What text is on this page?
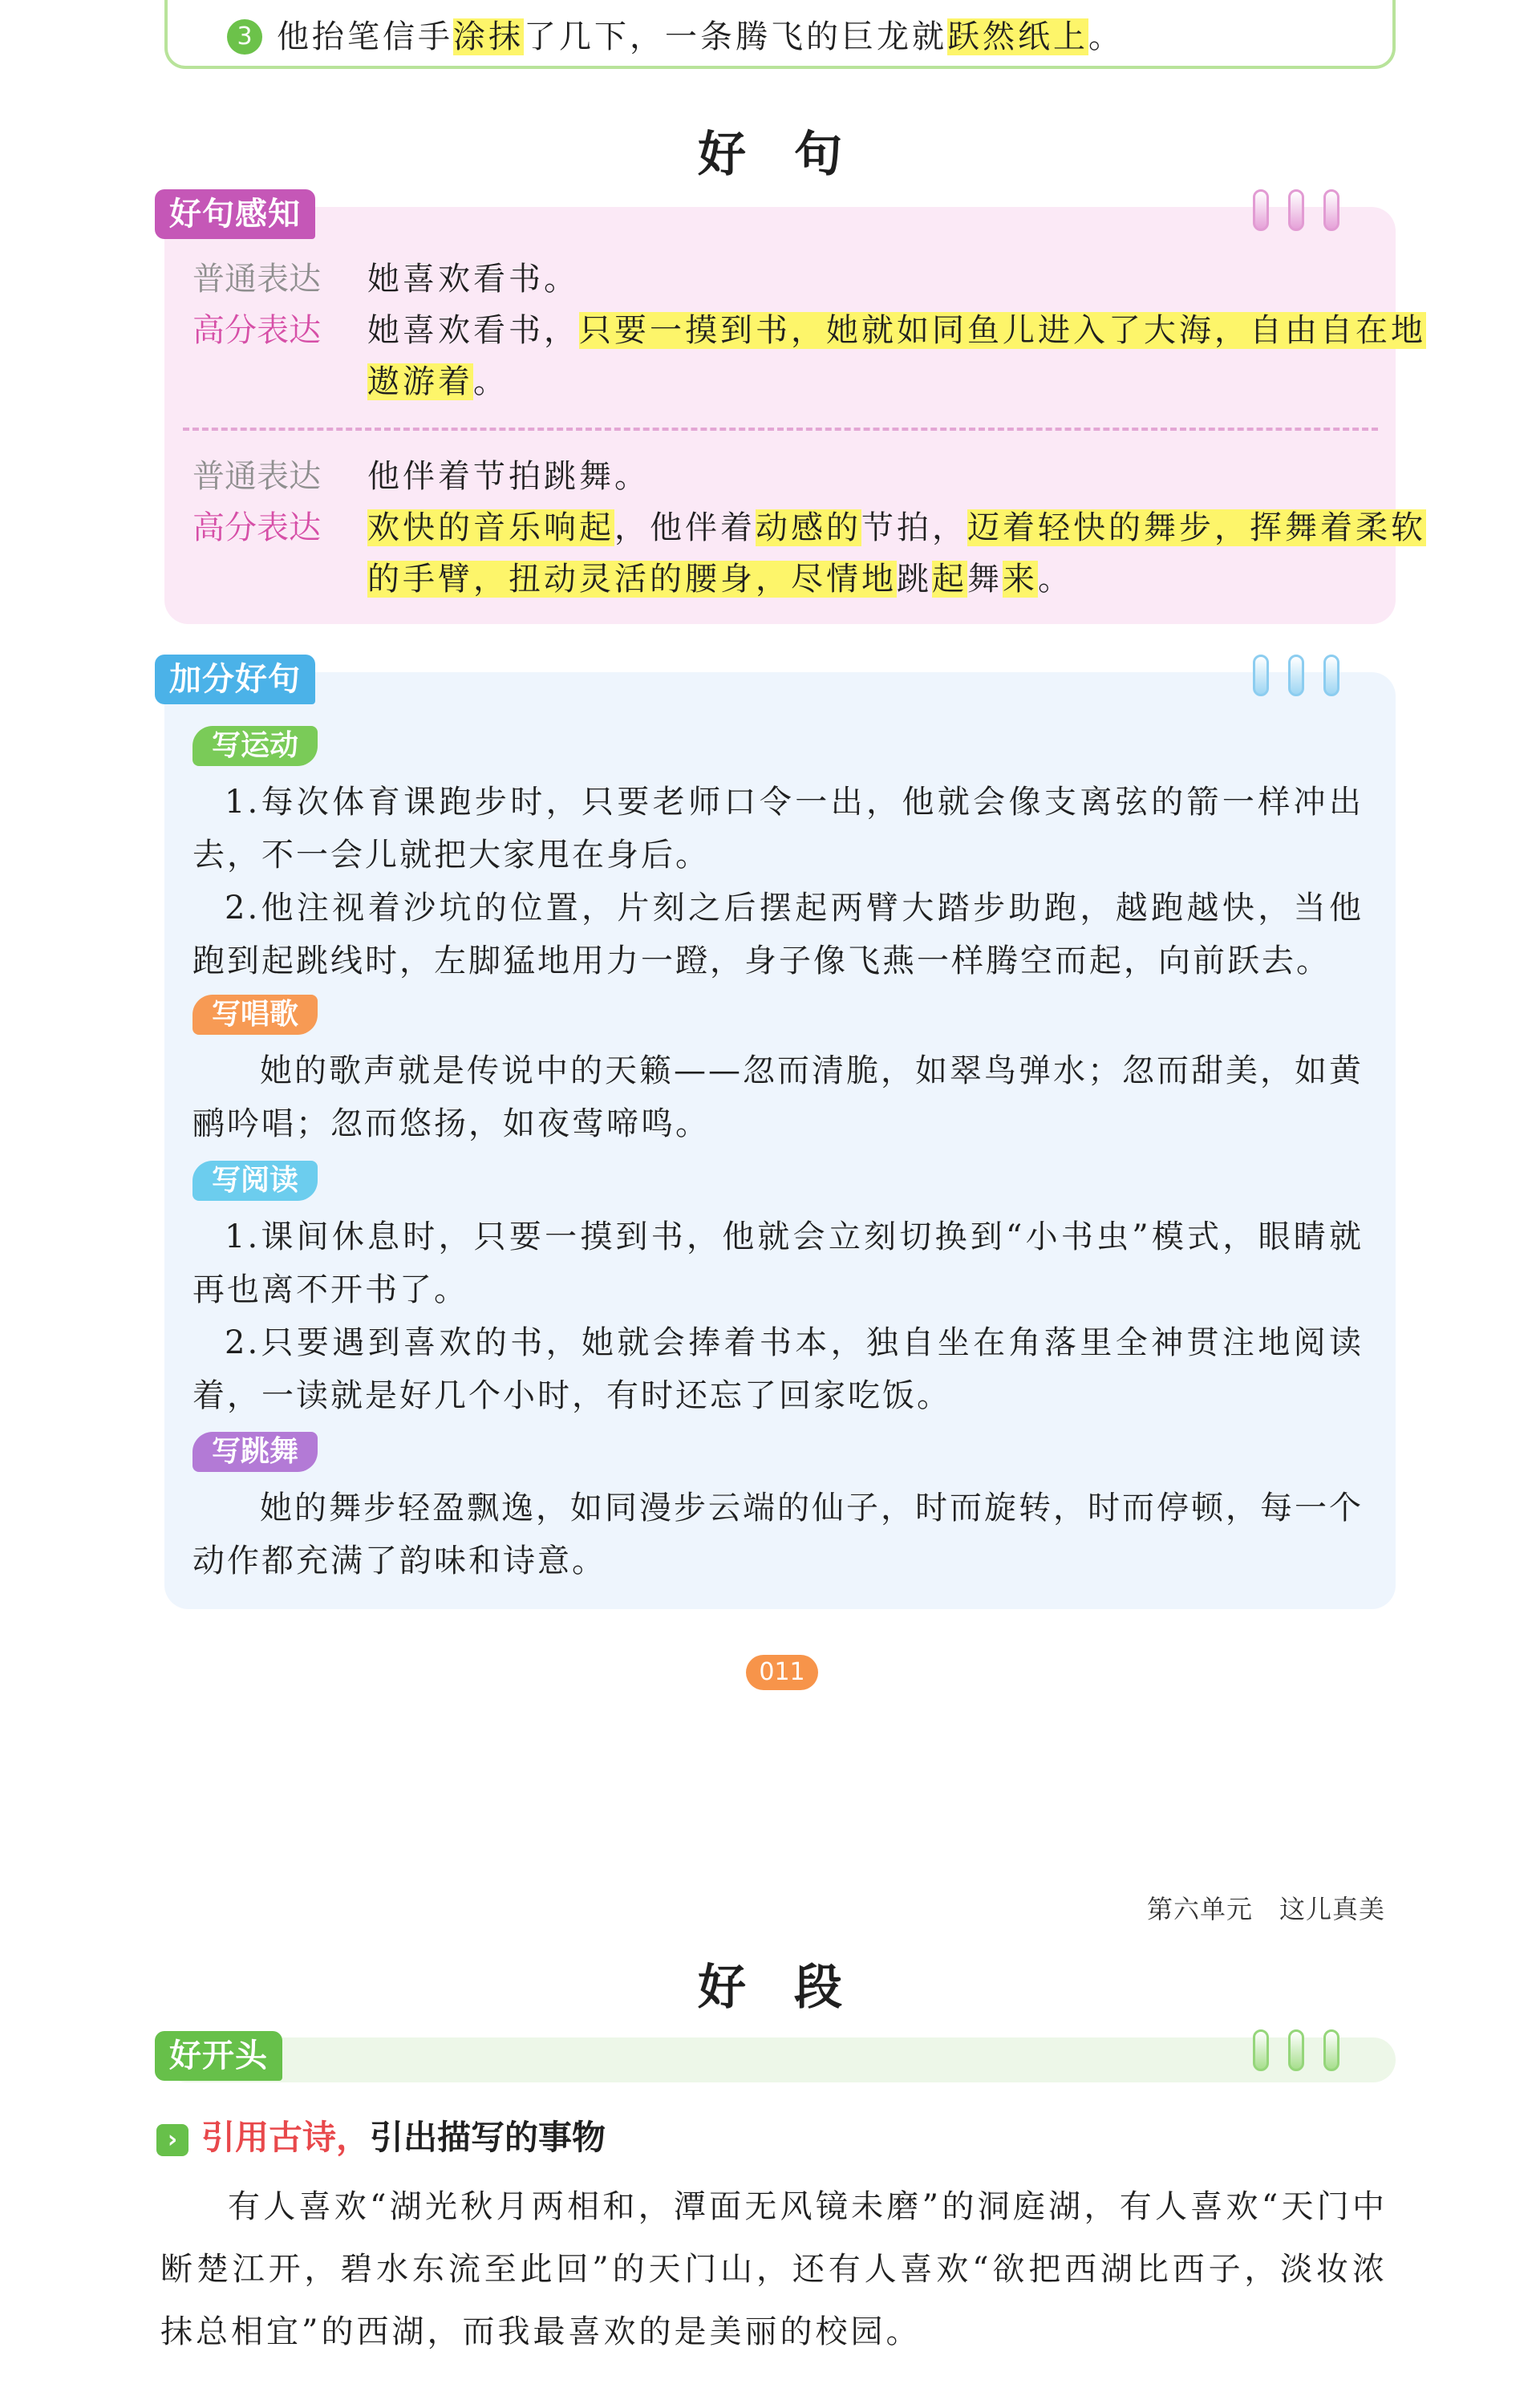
3 他抬笔信手涂抹了几下，一条腾飞的巨龙就跃然纸上。
好句
好句感知
普通表达 她喜欢看书。
高分表达 她喜欢看书，只要一摸到书，她就如同鱼儿进入了大海，自由自在地
遨游着。
普通表达 他伴着节拍跳舞。
高分表达 欢快的音乐响起，他伴着动感的节拍，迈着轻快的舞步，挥舞着柔软
的手臂，扭动灵活的腰身，尽情地跳起舞来。
加分好句
写运动
1.每次体育课跑步时，只要老师口令一出，他就会像支离弦的箭一样冲出去，不一会儿就把大家甩在身后。
2.他注视着沙坑的位置，片刻之后摆起两臂大踏步助跑，越跑越快，当他跑到起跳线时，左脚猛地用力一蹬，身子像飞燕一样腾空而起，向前跃去。
写唱歌
她的歌声就是传说中的天籁——忽而清脆，如翠鸟弹水；忽而甜美，如黄鹂吟唱；忽而悠扬，如夜莺啼鸣。
写阅读
1.课间休息时，只要一摸到书，他就会立刻切换到“小书虫”模式，眼睛就再也离不开书了。
2.只要遇到喜欢的书，她就会捧着书本，独自坐在角落里全神贯注地阅读着，一读就是好几个小时，有时还忘了回家吃饭。
写跳舞
她的舞步轻盈飘逸，如同漫步云端的仙子，时而旋转，时而停顿，每一个动作都充满了韵味和诗意。
011
第六单元　这儿真美
好段
好开头
› 引用古诗，引出描写的事物
有人喜欢“湖光秋月两相和，潭面无风镜未磨”的洞庭湖，有人喜欢“天门中断楚江开，碧水东流至此回”的天门山，还有人喜欢“欲把西湖比西子，淡妆浓抹总相宜”的西湖，而我最喜欢的是美丽的校园。
